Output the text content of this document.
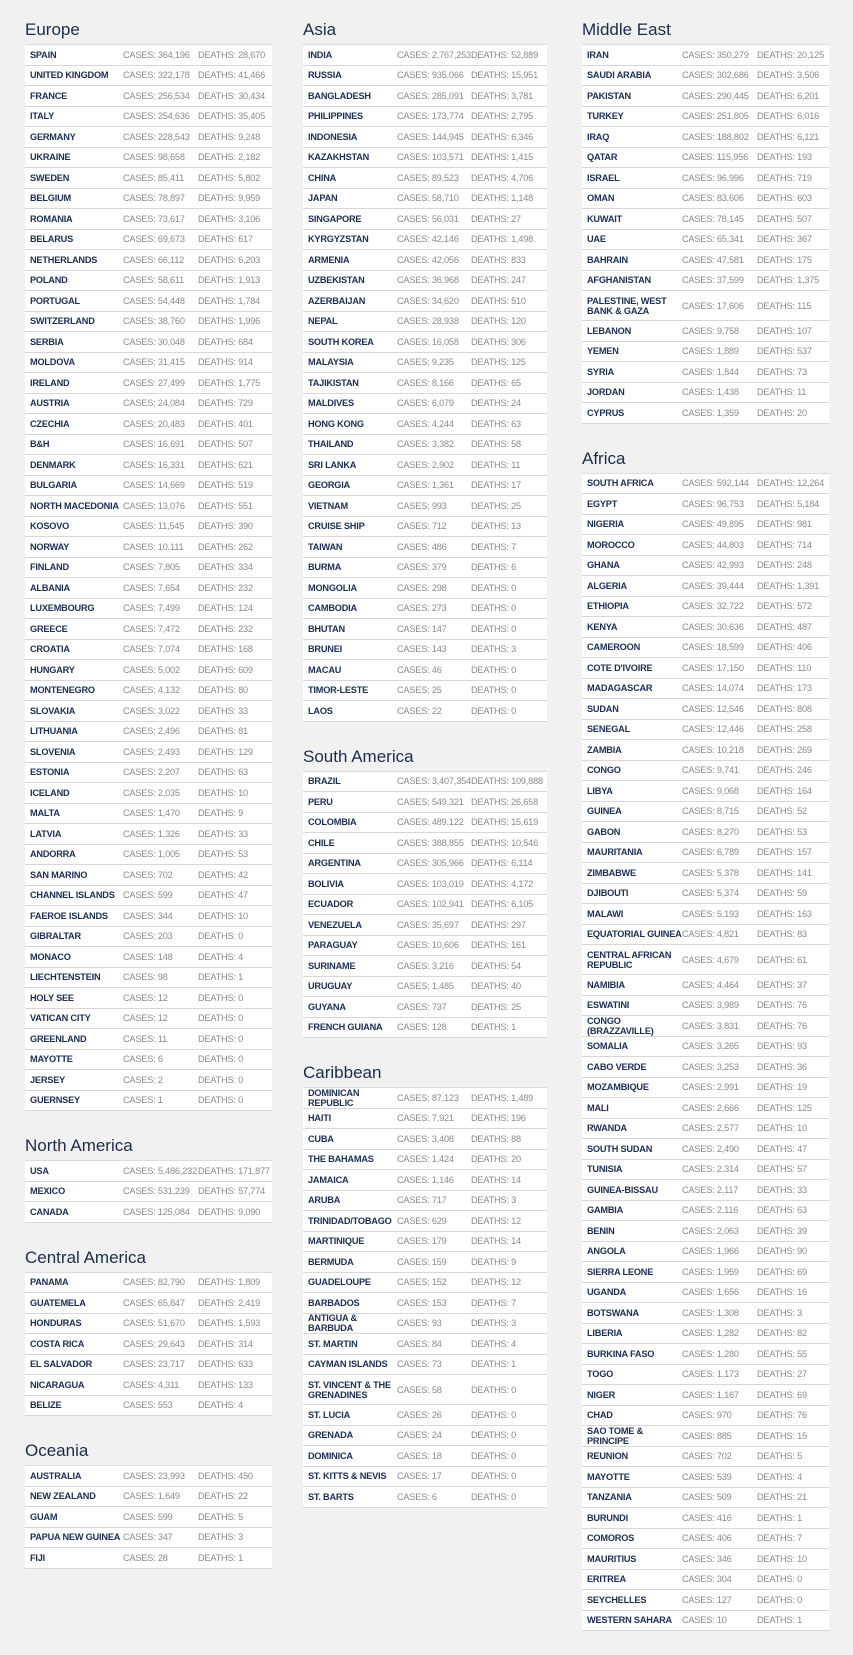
Europe
SPAIN	CASES: 364,196 DEATHS: 28,670
UNITED KINGDOM	CASES: 322,178 DEATHS: 41,466
FRANCE	CASES: 256,534 DEATHS: 30,434
ITALY	CASES: 254,636 DEATHS: 35,405
GERMANY	CASES: 228,543 DEATHS: 9,248
UKRAINE	CASES: 98,658	DEATHS: 2,182
SWEDEN	CASES: 85,411	DEATHS: 5,802
BELGIUM	CASES: 78,897	DEATHS: 9,959
ROMANIA	CASES: 73,617	DEATHS: 3,106
BELARUS	CASES: 69,673	DEATHS: 617
NETHERLANDS	CASES: 66,112	DEATHS: 6,203
POLAND	CASES: 58,611	DEATHS: 1,913
PORTUGAL	CASES: 54,448	DEATHS: 1,784
SWITZERLAND	CASES: 38,760	DEATHS: 1,996
SERBIA	CASES: 30,048	DEATHS: 684
MOLDOVA	CASES: 31,415	DEATHS: 914
IRELAND	CASES: 27,499	DEATHS: 1,775
AUSTRIA	CASES: 24,084	DEATHS: 729
CZECHIA	CASES: 20,483	DEATHS: 401
B&H	CASES: 16,691	DEATHS: 507
DENMARK	CASES: 16,331	DEATHS: 621
BULGARIA	CASES: 14,669	DEATHS: 519
NORTH MACEDONIA CASES: 13,076	DEATHS: 551
KOSOVO	CASES: 11,545	DEATHS: 390
NORWAY	CASES: 10,111	DEATHS: 262
FINLAND	CASES: 7,805	DEATHS: 334
ALBANIA	CASES: 7,654	DEATHS: 232
LUXEMBOURG	CASES: 7,499	DEATHS: 124
GREECE	CASES: 7,472	DEATHS: 232
CROATIA	CASES: 7,074	DEATHS: 168
HUNGARY	CASES: 5,002	DEATHS: 609
MONTENEGRO	CASES: 4,132	DEATHS: 80
SLOVAKIA	CASES: 3,022	DEATHS: 33
LITHUANIA	CASES: 2,496	DEATHS: 81
SLOVENIA	CASES: 2,493	DEATHS: 129
ESTONIA	CASES: 2,207	DEATHS: 63
ICELAND	CASES: 2,035	DEATHS: 10
MALTA	CASES: 1,470	DEATHS: 9
LATVIA	CASES: 1,326	DEATHS: 33
ANDORRA	CASES: 1,005	DEATHS: 53
SAN MARINO	CASES: 702	DEATHS: 42
CHANNEL ISLANDS CASES: 599	DEATHS: 47
FAEROE ISLANDS	CASES: 344	DEATHS: 10
GIBRALTAR	CASES: 203	DEATHS: 0
MONACO	CASES: 148	DEATHS: 4
LIECHTENSTEIN	CASES: 98	DEATHS: 1
HOLY SEE	CASES: 12	DEATHS: 0
VATICAN CITY	CASES: 12	DEATHS: 0
GREENLAND	CASES: 11	DEATHS: 0
MAYOTTE	CASES: 6	DEATHS: 0
JERSEY	CASES: 2	DEATHS: 0
GUERNSEY	CASES: 1	DEATHS: 0
North America
USA	CASES: 5,486,232 DEATHS: 171,877
MEXICO	CASES: 531,239 DEATHS: 57,774
CANADA	CASES: 125,084 DEATHS: 9,090
Central America
PANAMA	CASES: 82,790	DEATHS: 1,809
GUATEMELA	CASES: 65,847	DEATHS: 2,419
HONDURAS	CASES: 51,670	DEATHS: 1,593
COSTA RICA	CASES: 29,643	DEATHS: 314
EL SALVADOR	CASES: 23,717	DEATHS: 633
NICARAGUA	CASES: 4,311	DEATHS: 133
BELIZE	CASES: 553	DEATHS: 4
Oceania
AUSTRALIA	CASES: 23,993	DEATHS: 450
NEW ZEALAND	CASES: 1,649	DEATHS: 22
GUAM	CASES: 599	DEATHS: 5
PAPUA NEW GUINEA CASES: 347	DEATHS: 3
FIJI	CASES: 28	DEATHS: 1
Asia
INDIA	CASES: 2,767,253 DEATHS: 52,889
RUSSIA	CASES: 935,066 DEATHS: 15,951
BANGLADESH	CASES: 285,091 DEATHS: 3,781
PHILIPPINES	CASES: 173,774 DEATHS: 2,795
INDONESIA	CASES: 144,945 DEATHS: 6,346
KAZAKHSTAN	CASES: 103,571 DEATHS: 1,415
CHINA	CASES: 89,523	DEATHS: 4,706
JAPAN	CASES: 58,710	DEATHS: 1,148
SINGAPORE	CASES: 56,031	DEATHS: 27
KYRGYZSTAN	CASES: 42,146	DEATHS: 1,498
ARMENIA	CASES: 42,056	DEATHS: 833
UZBEKISTAN	CASES: 36,968	DEATHS: 247
AZERBAIJAN	CASES: 34,620	DEATHS: 510
NEPAL	CASES: 28,938	DEATHS: 120
SOUTH KOREA	CASES: 16,058	DEATHS: 306
MALAYSIA	CASES: 9,235	DEATHS: 125
TAJIKISTAN	CASES: 8,166	DEATHS: 65
MALDIVES	CASES: 6,079	DEATHS: 24
HONG KONG	CASES: 4,244	DEATHS: 63
THAILAND	CASES: 3,382	DEATHS: 58
SRI LANKA	CASES: 2,902	DEATHS: 11
GEORGIA	CASES: 1,361	DEATHS: 17
VIETNAM	CASES: 993	DEATHS: 25
CRUISE SHIP	CASES: 712	DEATHS: 13
TAIWAN	CASES: 486	DEATHS: 7
BURMA	CASES: 379	DEATHS: 6
MONGOLIA	CASES: 298	DEATHS: 0
CAMBODIA	CASES: 273	DEATHS: 0
BHUTAN	CASES: 147	DEATHS: 0
BRUNEI	CASES: 143	DEATHS: 3
MACAU	CASES: 46	DEATHS: 0
TIMOR-LESTE	CASES: 25	DEATHS: 0
LAOS	CASES: 22	DEATHS: 0
South America
BRAZIL	CASES: 3,407,354 DEATHS: 109,888
PERU	CASES: 549,321 DEATHS: 26,658
COLOMBIA	CASES: 489,122 DEATHS: 15,619
CHILE	CASES: 388,855 DEATHS: 10,546
ARGENTINA	CASES: 305,966 DEATHS: 6,114
BOLIVIA	CASES: 103,019 DEATHS: 4,172
ECUADOR	CASES: 102,941 DEATHS: 6,105
VENEZUELA	CASES: 35,697	DEATHS: 297
PARAGUAY	CASES: 10,606	DEATHS: 161
SURINAME	CASES: 3,216	DEATHS: 54
URUGUAY	CASES: 1,485	DEATHS: 40
GUYANA	CASES: 737	DEATHS: 25
FRENCH GUIANA	CASES: 128	DEATHS: 1
Caribbean
DOMINICAN REPUBLIC	CASES: 87,123	DEATHS: 1,489
HAITI	CASES: 7,921	DEATHS: 196
CUBA	CASES: 3,408	DEATHS: 88
THE BAHAMAS	CASES: 1,424	DEATHS: 20
JAMAICA	CASES: 1,146	DEATHS: 14
ARUBA	CASES: 717	DEATHS: 3
TRINIDAD/TOBAGO CASES: 629	DEATHS: 12
MARTINIQUE	CASES: 179	DEATHS: 14
BERMUDA	CASES: 159	DEATHS: 9
GUADELOUPE	CASES: 152	DEATHS: 12
BARBADOS	CASES: 153	DEATHS: 7
ANTIGUA & BARBUDA	CASES: 93	DEATHS: 3
ST. MARTIN	CASES: 84	DEATHS: 4
CAYMAN ISLANDS	CASES: 73	DEATHS: 1
ST. VINCENT & THE GRENADINES	CASES: 58	DEATHS: 0
ST. LUCIA	CASES: 26	DEATHS: 0
GRENADA	CASES: 24	DEATHS: 0
DOMINICA	CASES: 18	DEATHS: 0
ST. KITTS & NEVIS	CASES: 17	DEATHS: 0
ST. BARTS	CASES: 6	DEATHS: 0
Middle East
IRAN	CASES: 350,279 DEATHS: 20,125
SAUDI ARABIA	CASES: 302,686 DEATHS: 3,506
PAKISTAN	CASES: 290,445 DEATHS: 6,201
TURKEY	CASES: 251,805 DEATHS: 6,016
IRAQ	CASES: 188,802 DEATHS: 6,121
QATAR	CASES: 115,956 DEATHS: 193
ISRAEL	CASES: 96,996	DEATHS: 719
OMAN	CASES: 83,606	DEATHS: 603
KUWAIT	CASES: 78,145	DEATHS: 507
UAE	CASES: 65,341	DEATHS: 367
BAHRAIN	CASES: 47,581	DEATHS: 175
AFGHANISTAN	CASES: 37,599	DEATHS: 1,375
PALESTINE, WEST BANK & GAZA	CASES: 17,606	DEATHS: 115
LEBANON	CASES: 9,758	DEATHS: 107
YEMEN	CASES: 1,889	DEATHS: 537
SYRIA	CASES: 1,844	DEATHS: 73
JORDAN	CASES: 1,438	DEATHS: 11
CYPRUS	CASES: 1,359	DEATHS: 20
Africa
SOUTH AFRICA	CASES: 592,144 DEATHS: 12,264
EGYPT	CASES: 96,753	DEATHS: 5,184
NIGERIA	CASES: 49,895	DEATHS: 981
MOROCCO	CASES: 44,803	DEATHS: 714
GHANA	CASES: 42,993	DEATHS: 248
ALGERIA	CASES: 39,444	DEATHS: 1,391
ETHIOPIA	CASES: 32,722	DEATHS: 572
KENYA	CASES: 30,636	DEATHS: 487
CAMEROON	CASES: 18,599	DEATHS: 406
COTE D'IVOIRE	CASES: 17,150	DEATHS: 110
MADAGASCAR	CASES: 14,074	DEATHS: 173
SUDAN	CASES: 12,546	DEATHS: 808
SENEGAL	CASES: 12,446	DEATHS: 258
ZAMBIA	CASES: 10,218	DEATHS: 269
CONGO	CASES: 9,741	DEATHS: 246
LIBYA	CASES: 9,068	DEATHS: 164
GUINEA	CASES: 8,715	DEATHS: 52
GABON	CASES: 8,270	DEATHS: 53
MAURITANIA	CASES: 6,789	DEATHS: 157
ZIMBABWE	CASES: 5,378	DEATHS: 141
DJIBOUTI	CASES: 5,374	DEATHS: 59
MALAWI	CASES: 5,193	DEATHS: 163
EQUATORIAL GUINEA CASES: 4,821	DEATHS: 83
CENTRAL AFRICAN REPUBLIC	CASES: 4,679	DEATHS: 61
NAMIBIA	CASES: 4,464	DEATHS: 37
ESWATINI	CASES: 3,989	DEATHS: 76
CONGO (BRAZZAVILLE)	CASES: 3,831	DEATHS: 76
SOMALIA	CASES: 3,265	DEATHS: 93
CABO VERDE	CASES: 3,253	DEATHS: 36
MOZAMBIQUE	CASES: 2,991	DEATHS: 19
MALI	CASES: 2,666	DEATHS: 125
RWANDA	CASES: 2,577	DEATHS: 10
SOUTH SUDAN	CASES: 2,490	DEATHS: 47
TUNISIA	CASES: 2,314	DEATHS: 57
GUINEA-BISSAU	CASES: 2,117	DEATHS: 33
GAMBIA	CASES: 2,116	DEATHS: 63
BENIN	CASES: 2,063	DEATHS: 39
ANGOLA	CASES: 1,966	DEATHS: 90
SIERRA LEONE	CASES: 1,959	DEATHS: 69
UGANDA	CASES: 1,656	DEATHS: 16
BOTSWANA	CASES: 1,308	DEATHS: 3
LIBERIA	CASES: 1,282	DEATHS: 82
BURKINA FASO	CASES: 1,280	DEATHS: 55
TOGO	CASES: 1,173	DEATHS: 27
NIGER	CASES: 1,167	DEATHS: 69
CHAD	CASES: 970	DEATHS: 76
SAO TOME & PRINCIPE	CASES: 885	DEATHS: 15
REUNION	CASES: 702	DEATHS: 5
MAYOTTE	CASES: 539	DEATHS: 4
TANZANIA	CASES: 509	DEATHS: 21
BURUNDI	CASES: 416	DEATHS: 1
COMOROS	CASES: 406	DEATHS: 7
MAURITIUS	CASES: 346	DEATHS: 10
ERITREA	CASES: 304	DEATHS: 0
SEYCHELLES	CASES: 127	DEATHS: 0
WESTERN SAHARA	CASES: 10	DEATHS: 1
